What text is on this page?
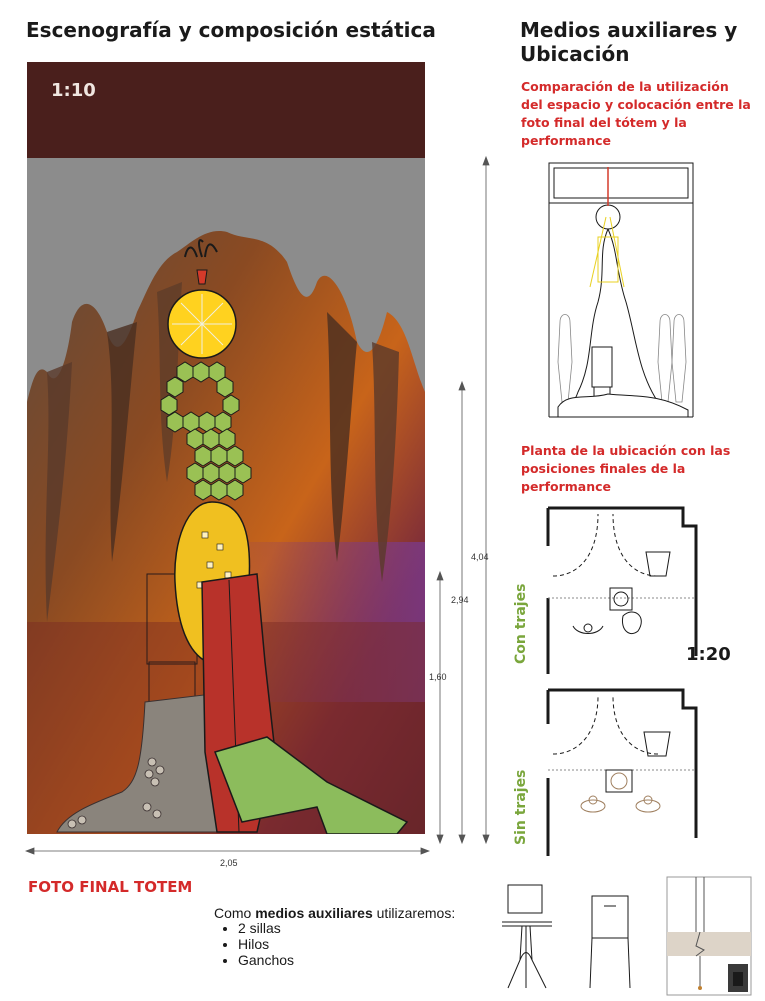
Escenografía y composición estática	Medios auxiliares y Ubicación
1:10
4,04
2,94
1,60
2,05
Comparación de la utilización del espacio y colocación entre la foto final del tótem y la performance
Planta de la ubicación con las posiciones finales de la performance
1:20
Con trajes
Sin trajes
FOTO FINAL TOTEM
Como medios auxiliares utilizaremos:
• 2 sillas
• Hilos
• Ganchos
